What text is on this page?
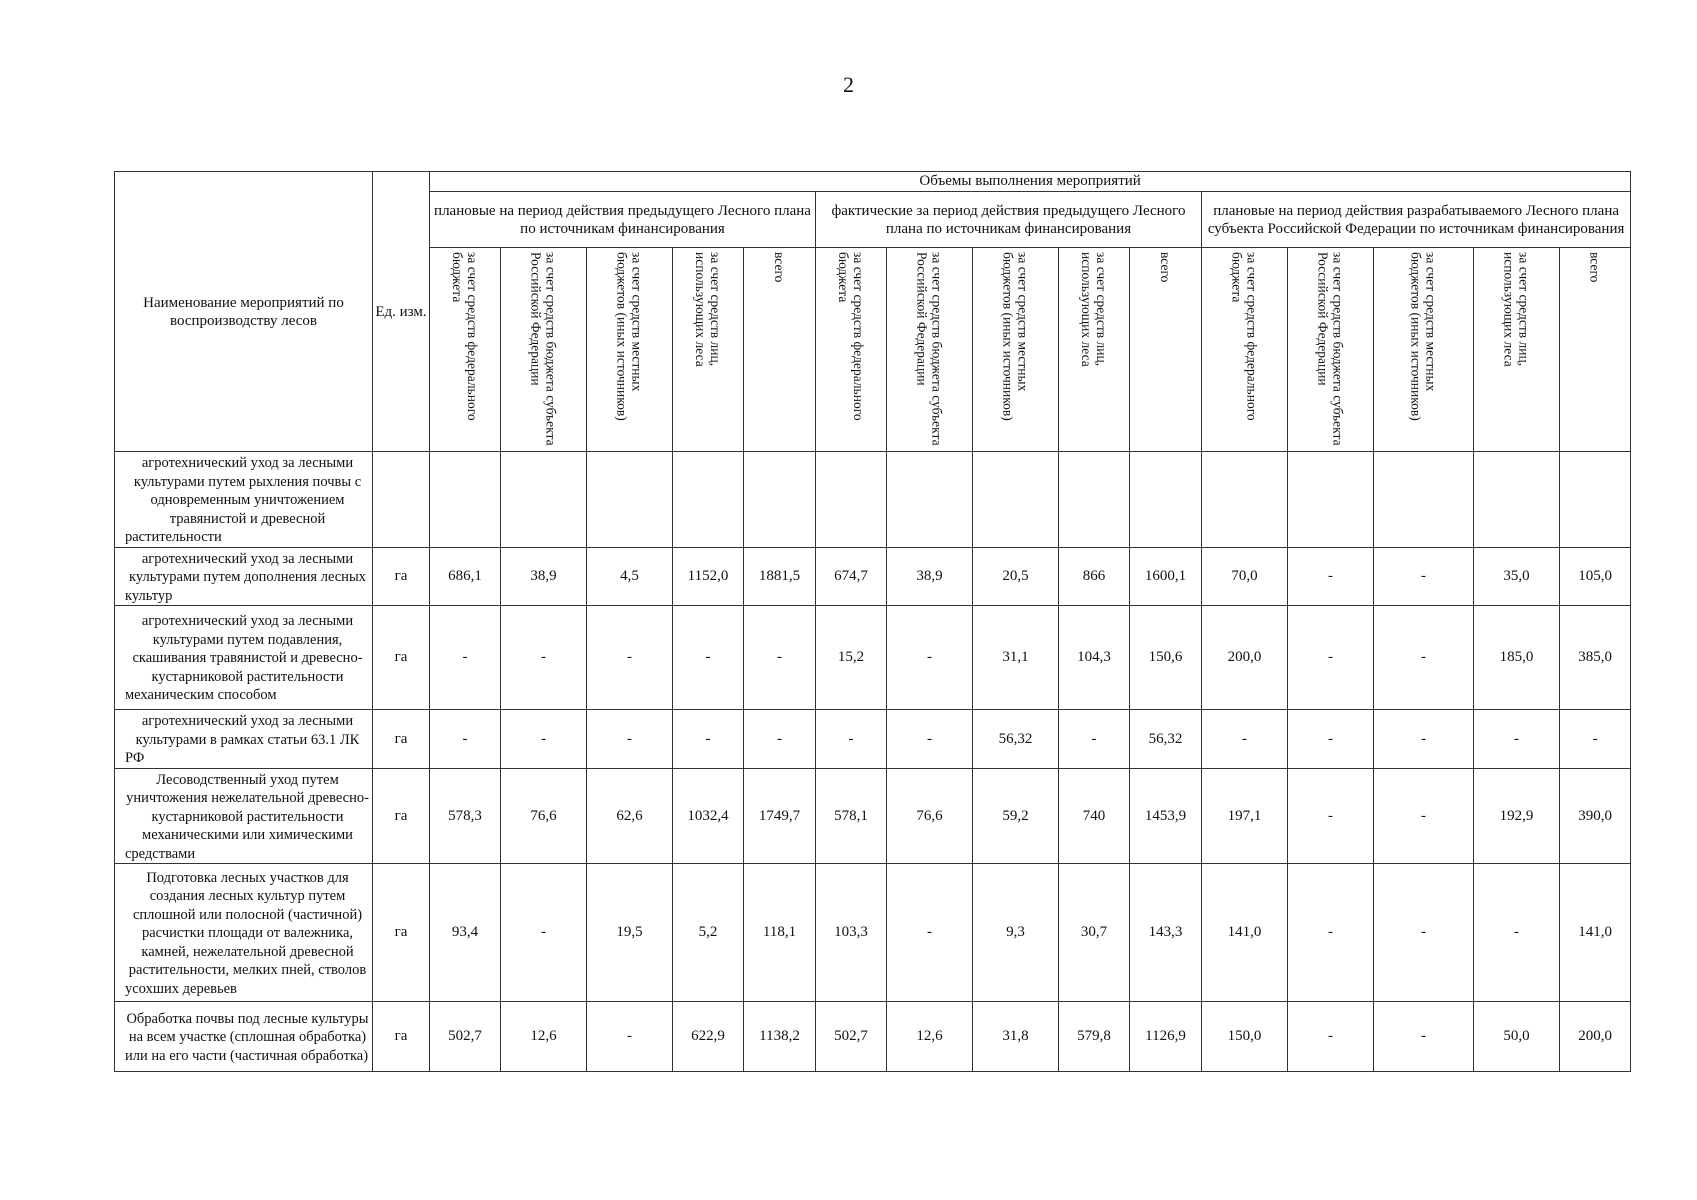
2
Наименование мероприятий по воспроизводству лесов	Ед. изм.	Объемы выполнения мероприятий														

		плановые на период действия предыдущего Лесного плана по источникам финансирования					фактические за период действия предыдущего Лесного плана по источникам финансирования					плановые на период действия разрабатываемого Лесного плана субъекта Российской Федерации по источникам финансирования				

		за счет средств федерального бюджета	за счет средств бюджета субъекта Российской Федерации	за счет средств местных бюджетов (иных источников)	за счет средств лиц, использующих леса	всего	за счет средств федерального бюджета	за счет средств бюджета субъекта Российской Федерации	за счет средств местных бюджетов (иных источников)	за счет средств лиц, использующих леса	всего	за счет средств федерального бюджета	за счет средств бюджета субъекта Российской Федерации	за счет средств местных бюджетов (иных источников)	за счет средств лиц, использующих леса	всего

агротехнический уход за лесными культурами путем рыхления почвы с одновременным уничтожением травянистой и древесной растительности																
агротехнический уход за лесными культурами путем дополнения лесных культур	га	686,1	38,9	4,5	1152,0	1881,5	674,7	38,9	20,5	866	1600,1	70,0	-	-	35,0	105,0
агротехнический уход за лесными культурами путем подавления, скашивания травянистой и древесно-кустарниковой растительности механическим способом	га	-	-	-	-	-	15,2	-	31,1	104,3	150,6	200,0	-	-	185,0	385,0
агротехнический уход за лесными культурами в рамках статьи 63.1 ЛК РФ	га	-	-	-	-	-	-	-	56,32	-	56,32	-	-	-	-	-
Лесоводственный уход путем уничтожения нежелательной древесно-кустарниковой растительности механическими или химическими средствами	га	578,3	76,6	62,6	1032,4	1749,7	578,1	76,6	59,2	740	1453,9	197,1	-	-	192,9	390,0
Подготовка лесных участков для создания лесных культур путем сплошной или полосной (частичной) расчистки площади от валежника, камней, нежелательной древесной растительности, мелких пней, стволов усохших деревьев	га	93,4	-	19,5	5,2	118,1	103,3	-	9,3	30,7	143,3	141,0	-	-	-	141,0
Обработка почвы под лесные культуры на всем участке (сплошная обработка) или на его части (частичная обработка)	га	502,7	12,6	-	622,9	1138,2	502,7	12,6	31,8	579,8	1126,9	150,0	-	-	50,0	200,0
